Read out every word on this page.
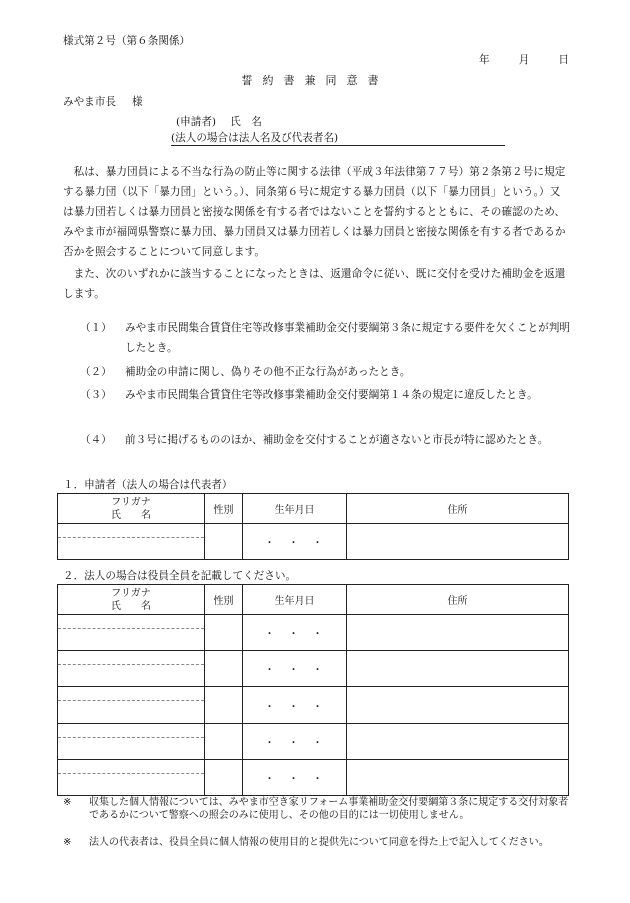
様式第２号（第６条関係）
年	月	日
誓約書兼同意書
みやま市長 様
(申請者) 氏　名
(法人の場合は法人名及び代表者名)
私は、暴力団員による不当な行為の防止等に関する法律（平成３年法律第７７号）第２条第２号に規定する暴力団（以下「暴力団」という。）、同条第６号に規定する暴力団員（以下「暴力団員」という。）又は暴力団若しくは暴力団員と密接な関係を有する者ではないことを誓約するとともに、その確認のため、みやま市が福岡県警察に暴力団、暴力団員又は暴力団若しくは暴力団員と密接な関係を有する者であるか否かを照会することについて同意します。
また、次のいずれかに該当することになったときは、返還命令に従い、既に交付を受けた補助金を返還します。
（１）	みやま市民間集合賃貸住宅等改修事業補助金交付要綱第３条に規定する要件を欠くことが判明したとき。
（２）	補助金の申請に関し、偽りその他不正な行為があったとき。
（３）	みやま市民間集合賃貸住宅等改修事業補助金交付要綱第１４条の規定に違反したとき。
（４）	前３号に掲げるもののほか、補助金を交付することが適さないと市長が特に認めたとき。
１．申請者（法人の場合は代表者）
フリガナ
氏　　名	性別	生年月日	住所

		・・・	
２．法人の場合は役員全員を記載してください。
フリガナ
氏　　名	性別	生年月日	住所

		・・・	

		・・・	

		・・・	

		・・・	

		・・・	
※	収集した個人情報については、みやま市空き家リフォーム事業補助金交付要綱第３条に規定する交付対象者であるかについて警察への照会のみに使用し、その他の目的には一切使用しません。
※	法人の代表者は、役員全員に個人情報の使用目的と提供先について同意を得た上で記入してください。
